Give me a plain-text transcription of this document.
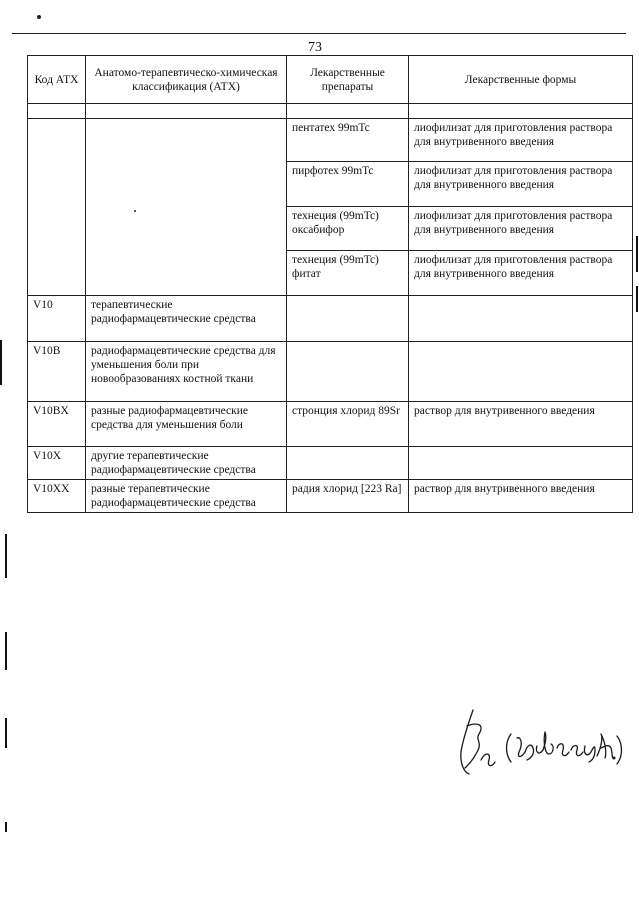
73
Код АТХ	Анатомо-терапевтическо-химическая классификация (АТХ)	Лекарственные препараты	Лекарственные формы

		пентатех 99mTc	лиофилизат для приготовления раствора для внутривенного введения
		пирфотех 99mTc	лиофилизат для приготовления раствора для внутривенного введения
		технеция (99mTc) оксабифор	лиофилизат для приготовления раствора для внутривенного введения
		технеция (99mTc) фитат	лиофилизат для приготовления раствора для внутривенного введения
V10	терапевтические радиофармацевтические средства		
V10B	радиофармацевтические средства для уменьшения боли при новообразованиях костной ткани		
V10BX	разные радиофармацевтические средства для уменьшения боли	стронция хлорид 89Sr	раствор для внутривенного введения
V10X	другие терапевтические радиофармацевтические средства		
V10XX	разные терапевтические радиофармацевтические средства	радия хлорид [223 Ra]	раствор для внутривенного введения
(Хубиев М.)
